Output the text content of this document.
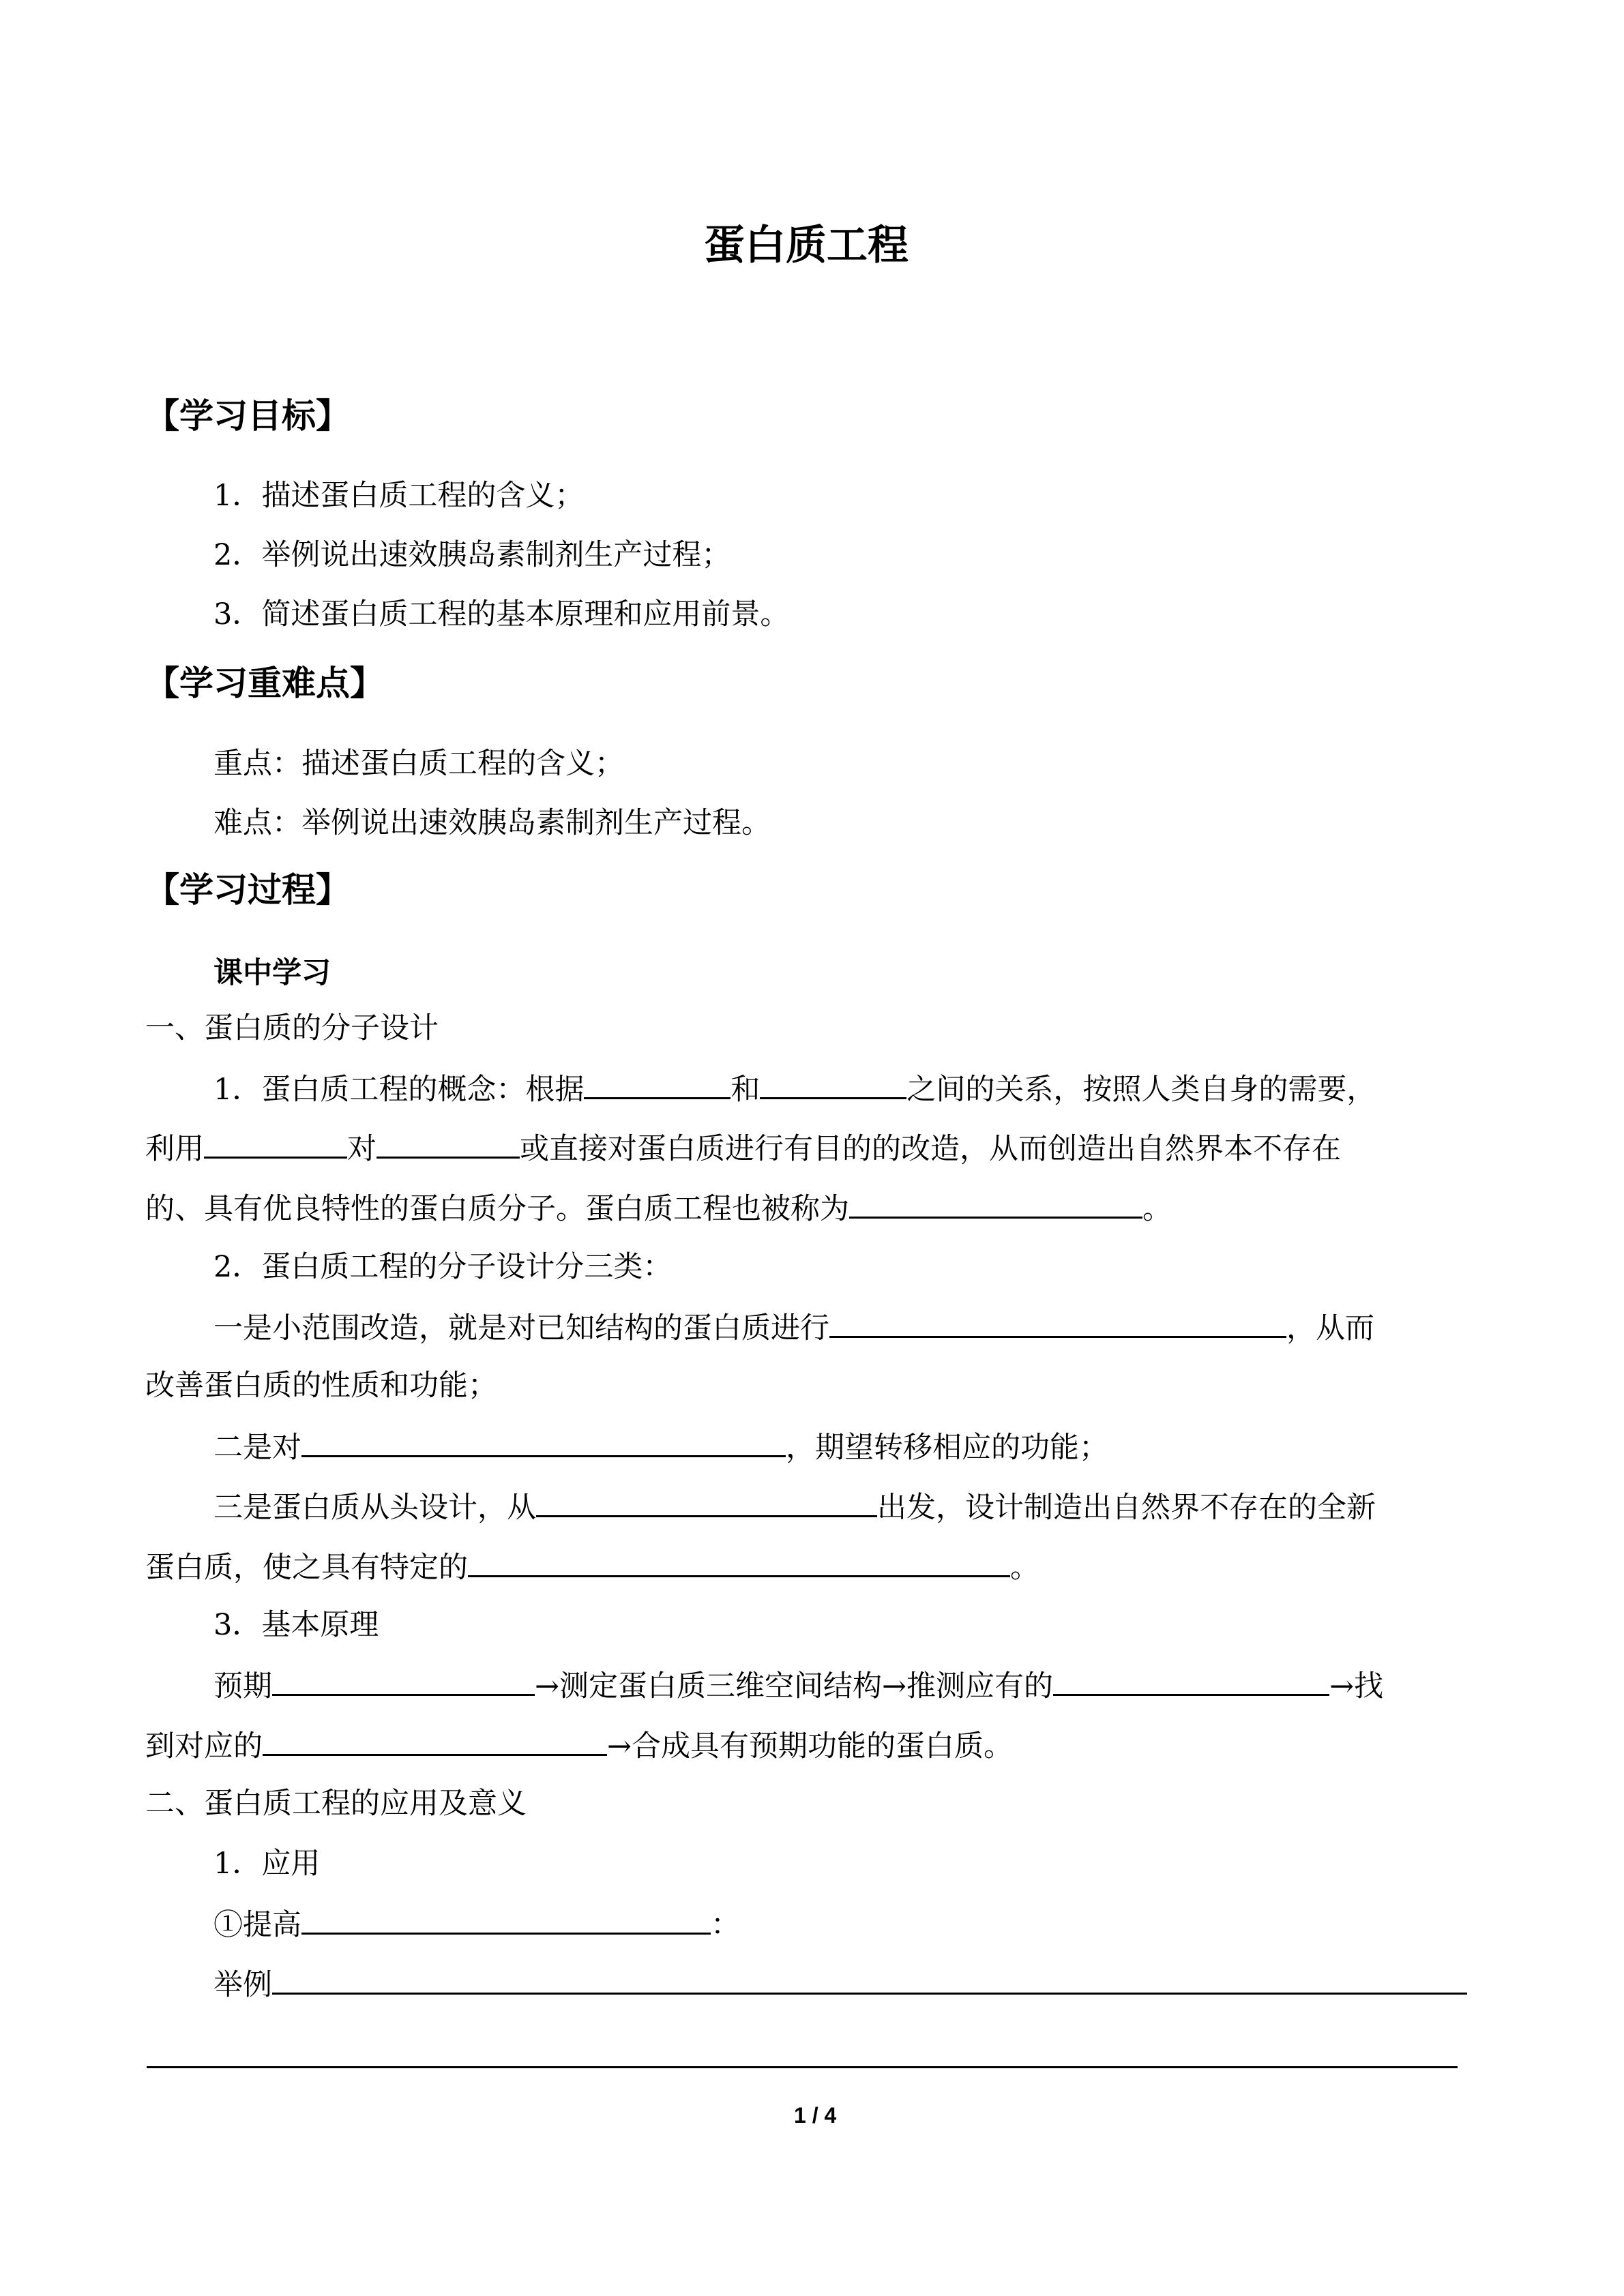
蛋白质工程
【学习目标】
1．描述蛋白质工程的含义；
2．举例说出速效胰岛素制剂生产过程；
3．简述蛋白质工程的基本原理和应用前景。
【学习重难点】
重点：描述蛋白质工程的含义；
难点：举例说出速效胰岛素制剂生产过程。
【学习过程】
课中学习
一、蛋白质的分子设计
1．蛋白质工程的概念：根据	和	之间的关系，按照人类自身的需要，
利用	对	或直接对蛋白质进行有目的的改造，从而创造出自然界本不存在
的、具有优良特性的蛋白质分子。蛋白质工程也被称为	。
2．蛋白质工程的分子设计分三类：
一是小范围改造，就是对已知结构的蛋白质进行	，从而
改善蛋白质的性质和功能；
二是对	，期望转移相应的功能；
三是蛋白质从头设计，从	出发，设计制造出自然界不存在的全新
蛋白质，使之具有特定的	。
3．基本原理
预期	→测定蛋白质三维空间结构→推测应有的	→找
到对应的	→合成具有预期功能的蛋白质。
二、蛋白质工程的应用及意义
1．应用
①提高	：
举例
1 / 4
